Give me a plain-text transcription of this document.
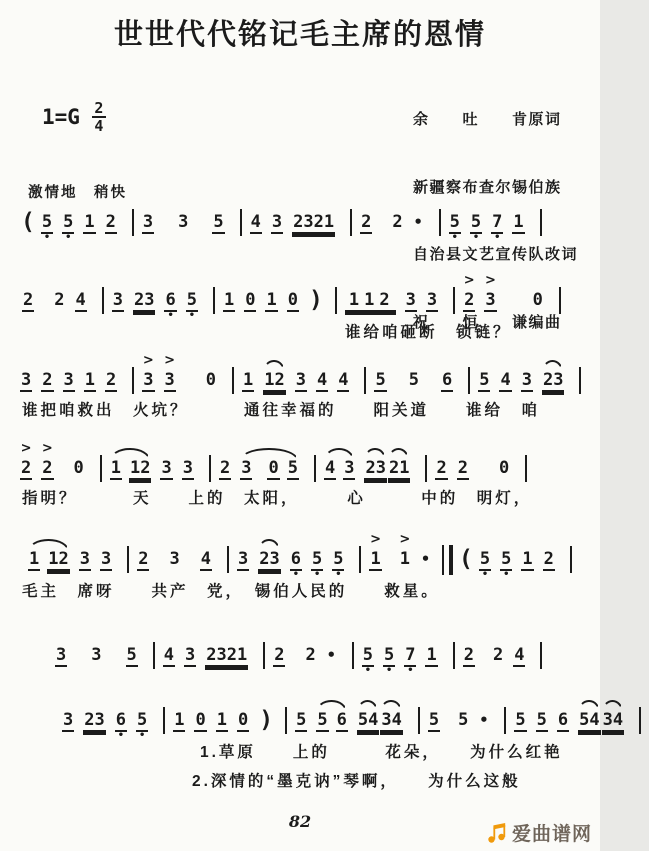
世世代代铭记毛主席的恩情

余　　吐　　肯原词

新疆察布查尔锡伯族

自治县文艺宣传队改词

祝　　恒　　谦编曲

$1=G \frac{2}{4}$
激情地　稍快
( 5
•
5
•
1 2 3 3 5 4 3 2321 2 2 • 5
•
5
•
7
•
1
2 2 4 3 23 6
•
5
•
1 0 1 0 ) 112 3 3
>
2
>
3 0
3 2 3 1 2
>
3
>
3 0 1 12 3 4 4 5 5 6 5 4 3 23
>
2
>
2 0 1 12 3 3 2 3 0 5 4 3 23 21 2 2 0
1 12 3 3 2 3 4 3 23 6
•
5
•
5
•
>
1
>
1 • ( 5
•
5
•
1 2
3 3 5 4 3 2321 2 2 • 5
•
5
•
7
•
1 2 2 4
3 23 6
•
5
•
1 0 1 0 ) 5 5 6 54 34 5 5 • 5 5 6 54 34
谁给咱砸断　锁链？
谁把咱救出　火坑？　　　通往幸福的　　阳关道　　谁给　咱
指明？　　　天　　上的　太阳，　　　心　　　中的　明灯，
毛主　席呀　　共产　党，　锡伯人民的　　救星。
1.草原　　上的　　　花朵，　　为什么红艳
2.深情的“墨克讷”琴啊，　　为什么这般
82
爱曲谱网
